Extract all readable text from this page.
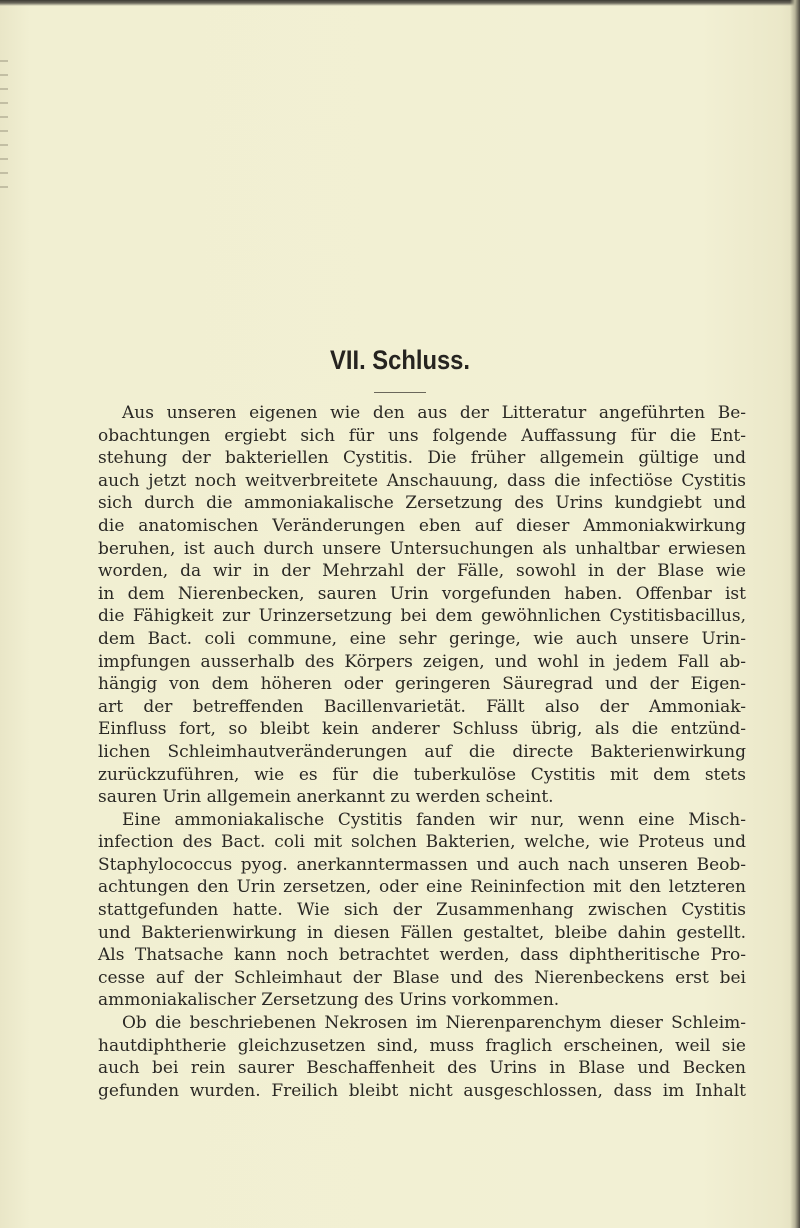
VII. Schluss.
Aus unseren eigenen wie den aus der Litteratur angeführten Be-
obachtungen ergiebt sich für uns folgende Auffassung für die Ent-
stehung der bakteriellen Cystitis. Die früher allgemein gültige und
auch jetzt noch weitverbreitete Anschauung, dass die infectiöse Cystitis
sich durch die ammoniakalische Zersetzung des Urins kundgiebt und
die anatomischen Veränderungen eben auf dieser Ammoniakwirkung
beruhen, ist auch durch unsere Untersuchungen als unhaltbar erwiesen
worden, da wir in der Mehrzahl der Fälle, sowohl in der Blase wie
in dem Nierenbecken, sauren Urin vorgefunden haben. Offenbar ist
die Fähigkeit zur Urinzersetzung bei dem gewöhnlichen Cystitisbacillus,
dem Bact. coli commune, eine sehr geringe, wie auch unsere Urin-
impfungen ausserhalb des Körpers zeigen, und wohl in jedem Fall ab-
hängig von dem höheren oder geringeren Säuregrad und der Eigen-
art der betreffenden Bacillenvarietät. Fällt also der Ammoniak-
Einfluss fort, so bleibt kein anderer Schluss übrig, als die entzünd-
lichen Schleimhautveränderungen auf die directe Bakterienwirkung
zurückzuführen, wie es für die tuberkulöse Cystitis mit dem stets
sauren Urin allgemein anerkannt zu werden scheint.
Eine ammoniakalische Cystitis fanden wir nur, wenn eine Misch-
infection des Bact. coli mit solchen Bakterien, welche, wie Proteus und
Staphylococcus pyog. anerkanntermassen und auch nach unseren Beob-
achtungen den Urin zersetzen, oder eine Reininfection mit den letzteren
stattgefunden hatte. Wie sich der Zusammenhang zwischen Cystitis
und Bakterienwirkung in diesen Fällen gestaltet, bleibe dahin gestellt.
Als Thatsache kann noch betrachtet werden, dass diphtheritische Pro-
cesse auf der Schleimhaut der Blase und des Nierenbeckens erst bei
ammoniakalischer Zersetzung des Urins vorkommen.
Ob die beschriebenen Nekrosen im Nierenparenchym dieser Schleim-
hautdiphtherie gleichzusetzen sind, muss fraglich erscheinen, weil sie
auch bei rein saurer Beschaffenheit des Urins in Blase und Becken
gefunden wurden. Freilich bleibt nicht ausgeschlossen, dass im Inhalt
